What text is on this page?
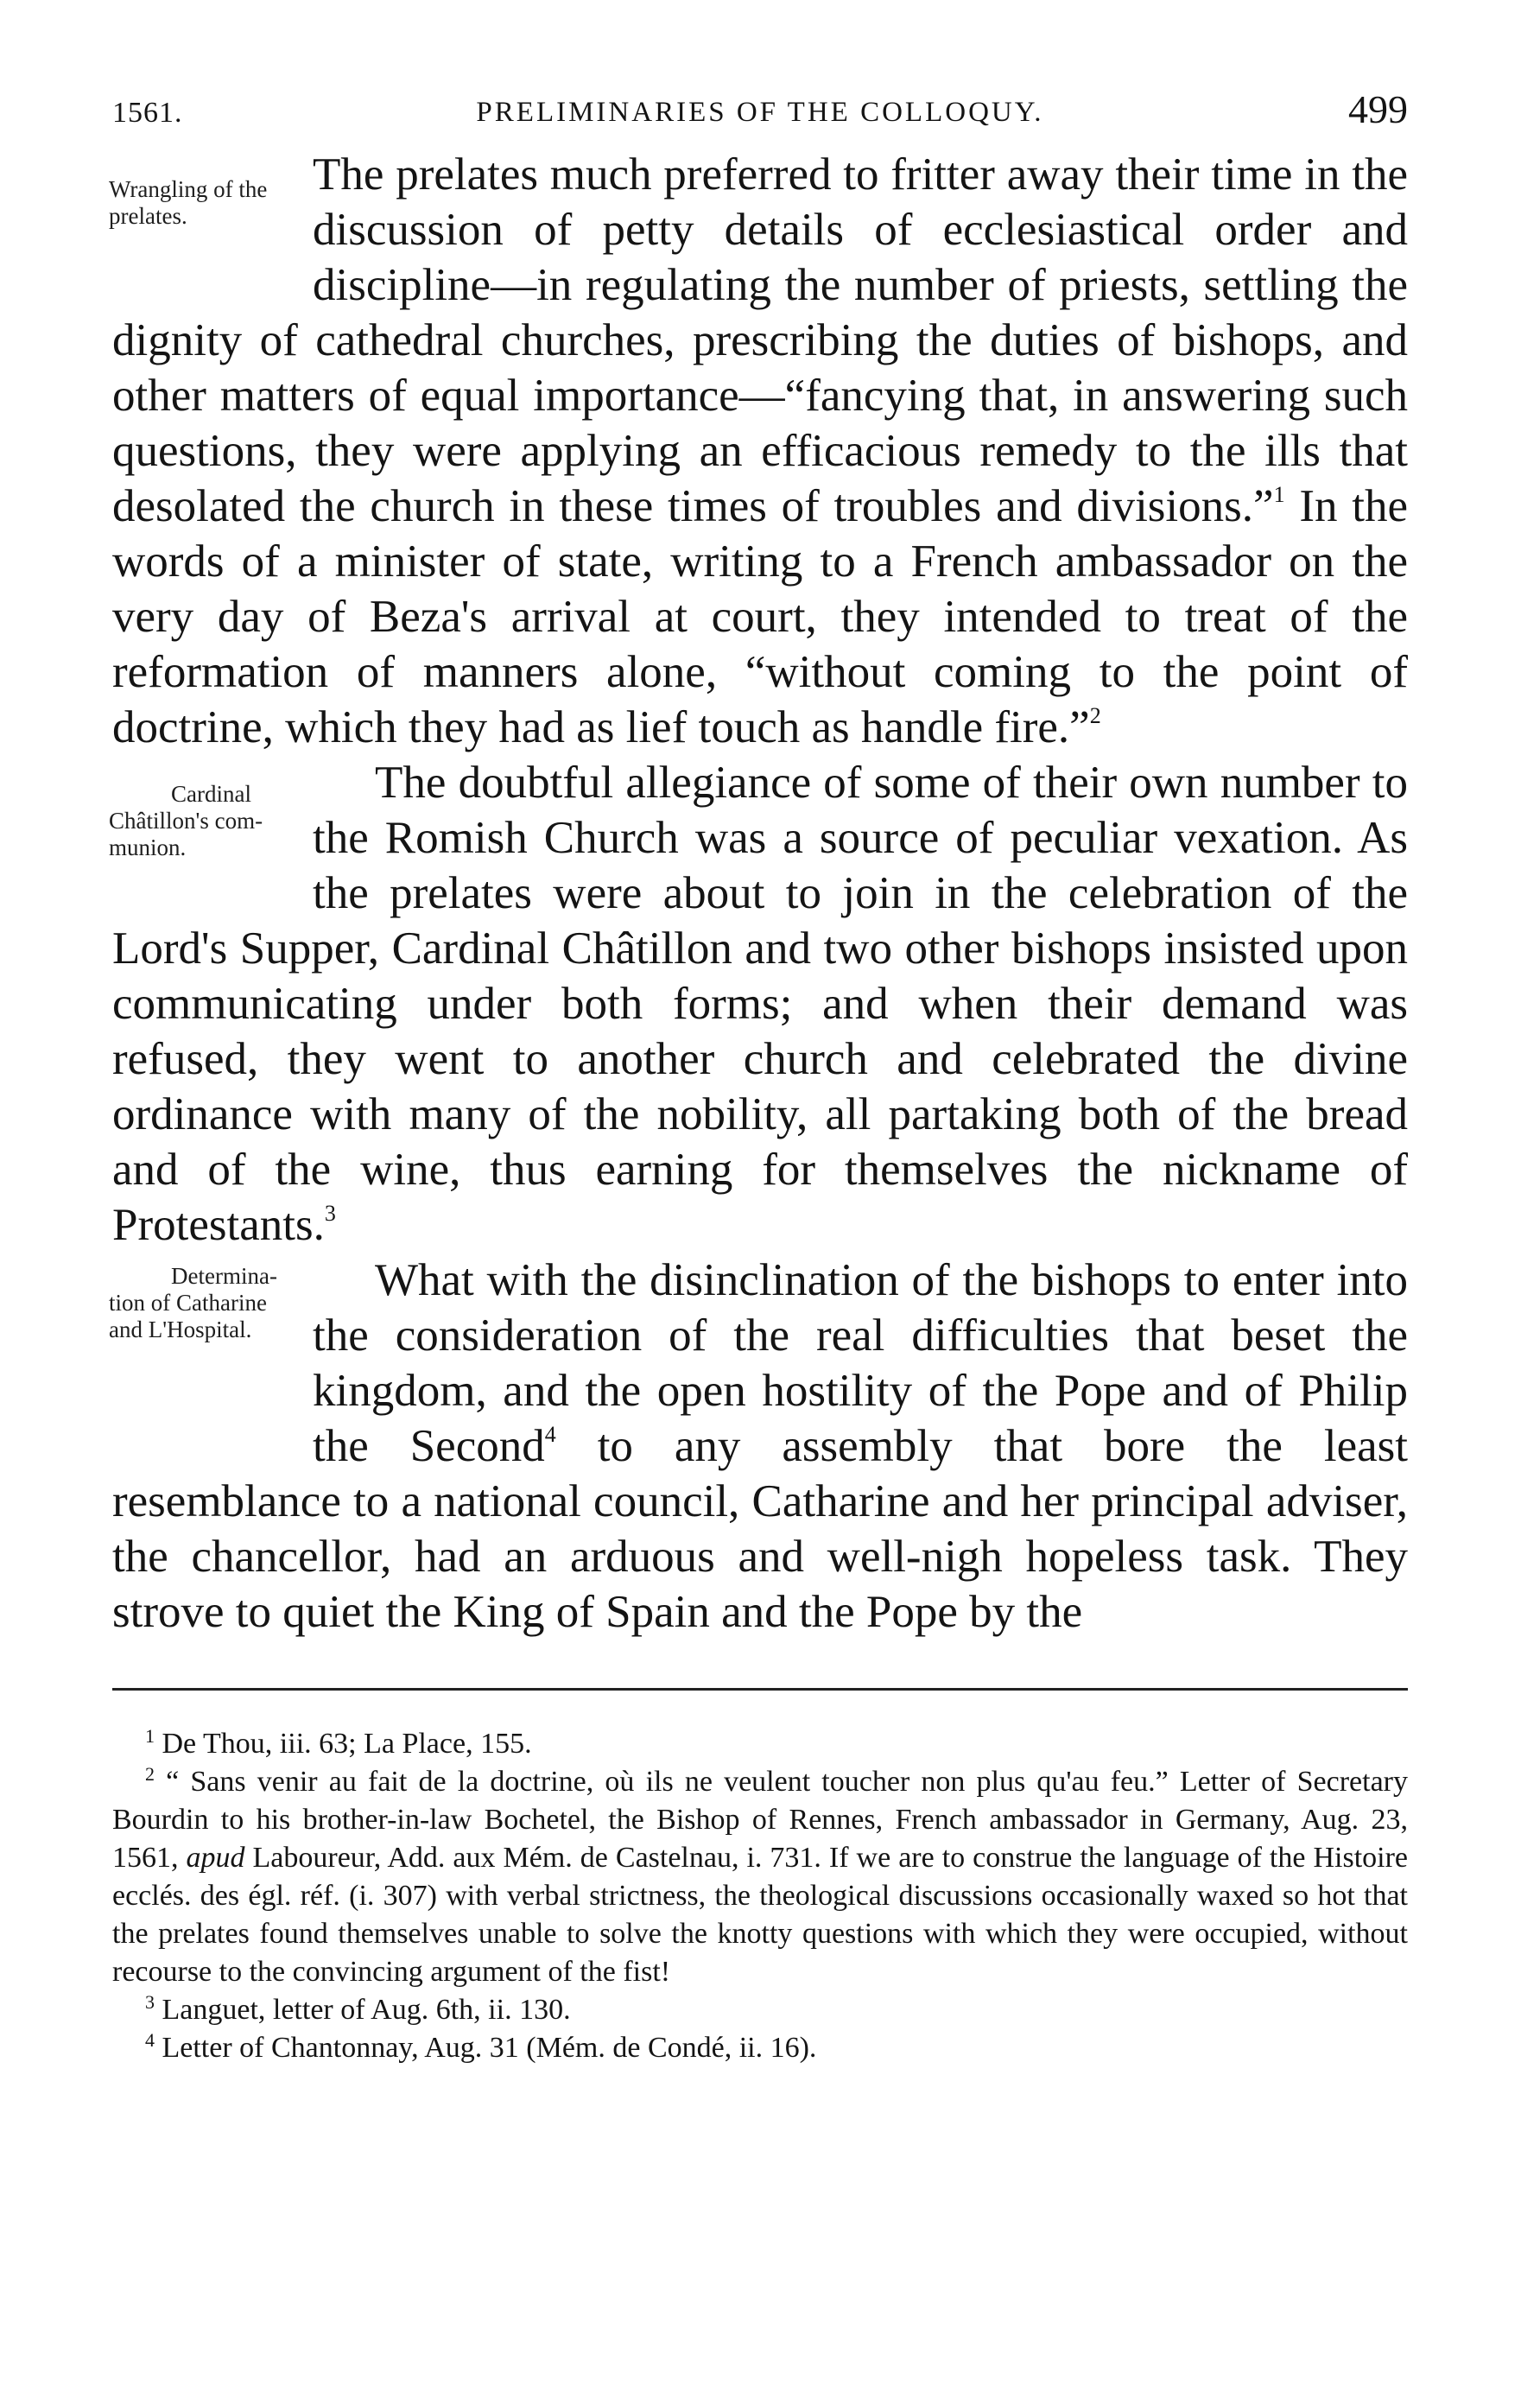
1561.	PRELIMINARIES OF THE COLLOQUY.	499

Wrangling of the prelates.
The prelates much preferred to fritter away their time in the discussion of petty details of ecclesiastical order and discipline—in regulating the number of priests, settling the dignity of cathedral churches, prescribing the duties of bishops, and other matters of equal importance—“fancying that, in answering such questions, they were applying an efficacious remedy to the ills that desolated the church in these times of troubles and divisions.”$^1$ In the words of a minister of state, writing to a French ambassador on the very day of Beza's arrival at court, they intended to treat of the reformation of manners alone, “without coming to the point of doctrine, which they had as lief touch as handle fire.”$^2$

Cardinal Châtillon's communion.
The doubtful allegiance of some of their own number to the Romish Church was a source of peculiar vexation. As the prelates were about to join in the celebration of the Lord's Supper, Cardinal Châtillon and two other bishops insisted upon communicating under both forms; and when their demand was refused, they went to another church and celebrated the divine ordinance with many of the nobility, all partaking both of the bread and of the wine, thus earning for themselves the nickname of Protestants.$^3$

Determination of Catharine and L'Hospital.
What with the disinclination of the bishops to enter into the consideration of the real difficulties that beset the kingdom, and the open hostility of the Pope and of Philip the Second$^4$ to any assembly that bore the least resemblance to a national council, Catharine and her principal adviser, the chancellor, had an arduous and well-nigh hopeless task. They strove to quiet the King of Spain and the Pope by the

$^1$ De Thou, iii. 63; La Place, 155.

$^2$ “ Sans venir au fait de la doctrine, où ils ne veulent toucher non plus qu'au feu.” Letter of Secretary Bourdin to his brother-in-law Bochetel, the Bishop of Rennes, French ambassador in Germany, Aug. 23, 1561, apud Laboureur, Add. aux Mém. de Castelnau, i. 731. If we are to construe the language of the Histoire ecclés. des égl. réf. (i. 307) with verbal strictness, the theological discussions occasionally waxed so hot that the prelates found themselves unable to solve the knotty questions with which they were occupied, without recourse to the convincing argument of the fist!

$^3$ Languet, letter of Aug. 6th, ii. 130.

$^4$ Letter of Chantonnay, Aug. 31 (Mém. de Condé, ii. 16).
